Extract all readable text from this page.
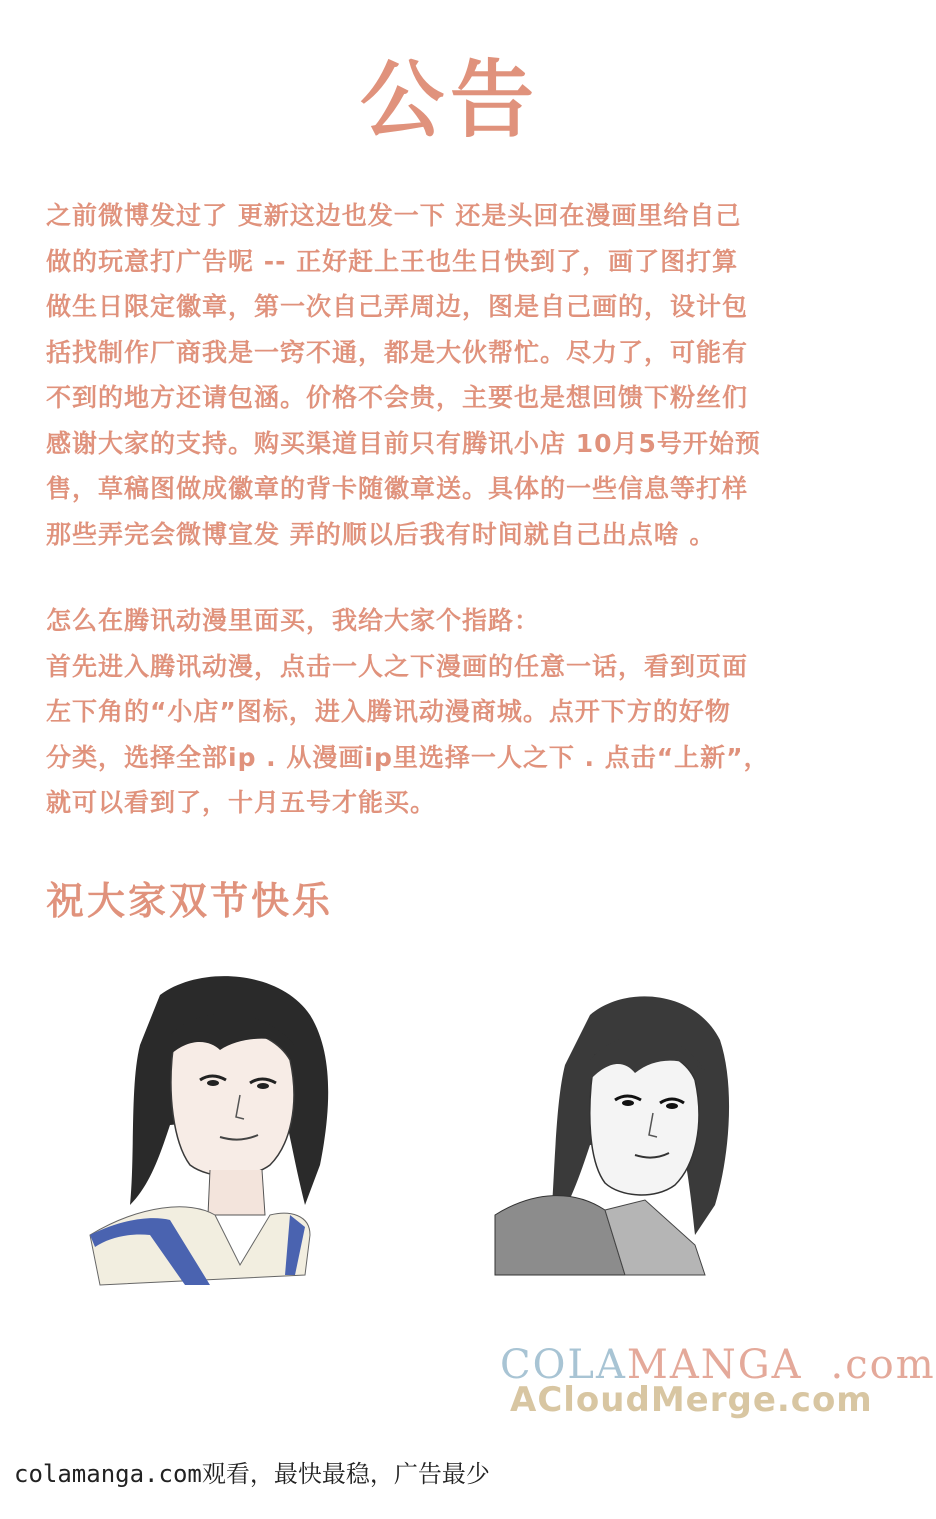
公告
之前微博发过了 更新这边也发一下 还是头回在漫画里给自己
做的玩意打广告呢 -- 正好赶上王也生日快到了，画了图打算
做生日限定徽章，第一次自己弄周边，图是自己画的，设计包
括找制作厂商我是一窍不通，都是大伙帮忙。尽力了，可能有
不到的地方还请包涵。价格不会贵，主要也是想回馈下粉丝们
感谢大家的支持。购买渠道目前只有腾讯小店 10月5号开始预
售，草稿图做成徽章的背卡随徽章送。具体的一些信息等打样
那些弄完会微博宣发 弄的顺以后我有时间就自己出点啥 。
怎么在腾讯动漫里面买，我给大家个指路：
首先进入腾讯动漫，点击一人之下漫画的任意一话，看到页面
左下角的“小店”图标，进入腾讯动漫商城。点开下方的好物
分类，选择全部ip . 从漫画ip里选择一人之下 . 点击“上新”，
就可以看到了，十月五号才能买。
祝大家双节快乐
COLAMANGA .com
ACloudMerge.com
colamanga.com观看，最快最稳，广告最少
